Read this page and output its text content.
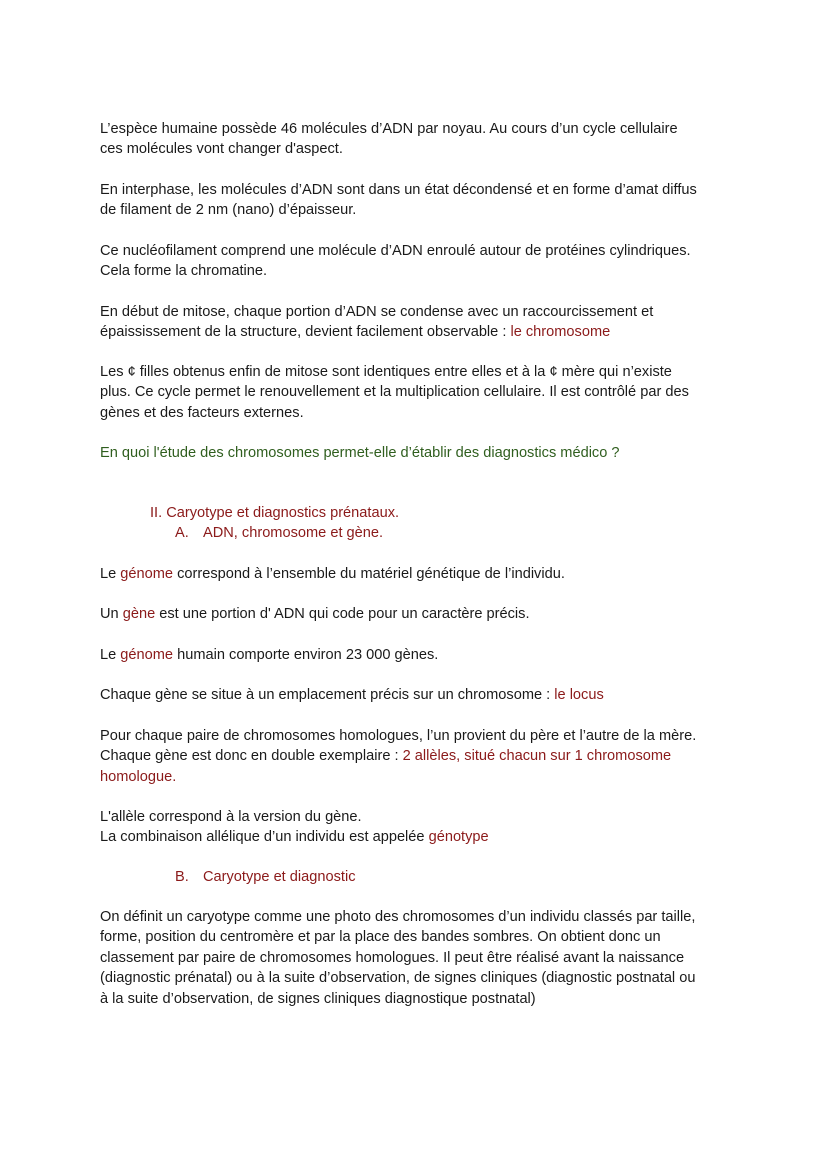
L’espèce humaine possède 46 molécules d’ADN par noyau. Au cours d’un cycle cellulaire
ces molécules vont changer d'aspect.

En interphase, les molécules d’ADN sont dans un état décondensé et en forme d’amat diffus
de filament de 2 nm (nano) d’épaisseur.

Ce nucléofilament comprend une molécule d’ADN enroulé autour de protéines cylindriques.
Cela forme la chromatine.

En début de mitose, chaque portion d’ADN se condense avec un raccourcissement et
épaississement de la structure, devient facilement observable : le chromosome

Les ¢ filles obtenus enfin de mitose sont identiques entre elles et à la ¢ mère qui n’existe
plus. Ce cycle permet le renouvellement et la multiplication cellulaire. Il est contrôlé par des
gènes et des facteurs externes.

En quoi l'étude des chromosomes permet-elle d’établir des diagnostics médico ?

II. Caryotype et diagnostics prénataux.

A. ADN, chromosome et gène.

Le génome correspond à l’ensemble du matériel génétique de l’individu.

Un gène est une portion d' ADN qui code pour un caractère précis.

Le génome humain comporte environ 23 000 gènes.

Chaque gène se situe à un emplacement précis sur un chromosome : le locus

Pour chaque paire de chromosomes homologues, l’un provient du père et l’autre de la mère.
Chaque gène est donc en double exemplaire : 2 allèles, situé chacun sur 1 chromosome
homologue.

L'allèle correspond à la version du gène.
La combinaison allélique d’un individu est appelée génotype

B. Caryotype et diagnostic

On définit un caryotype comme une photo des chromosomes d’un individu classés par taille,
forme, position du centromère et par la place des bandes sombres. On obtient donc un
classement par paire de chromosomes homologues. Il peut être réalisé avant la naissance
(diagnostic prénatal) ou à la suite d’observation, de signes cliniques (diagnostic postnatal ou
à la suite d’observation, de signes cliniques diagnostique postnatal)
